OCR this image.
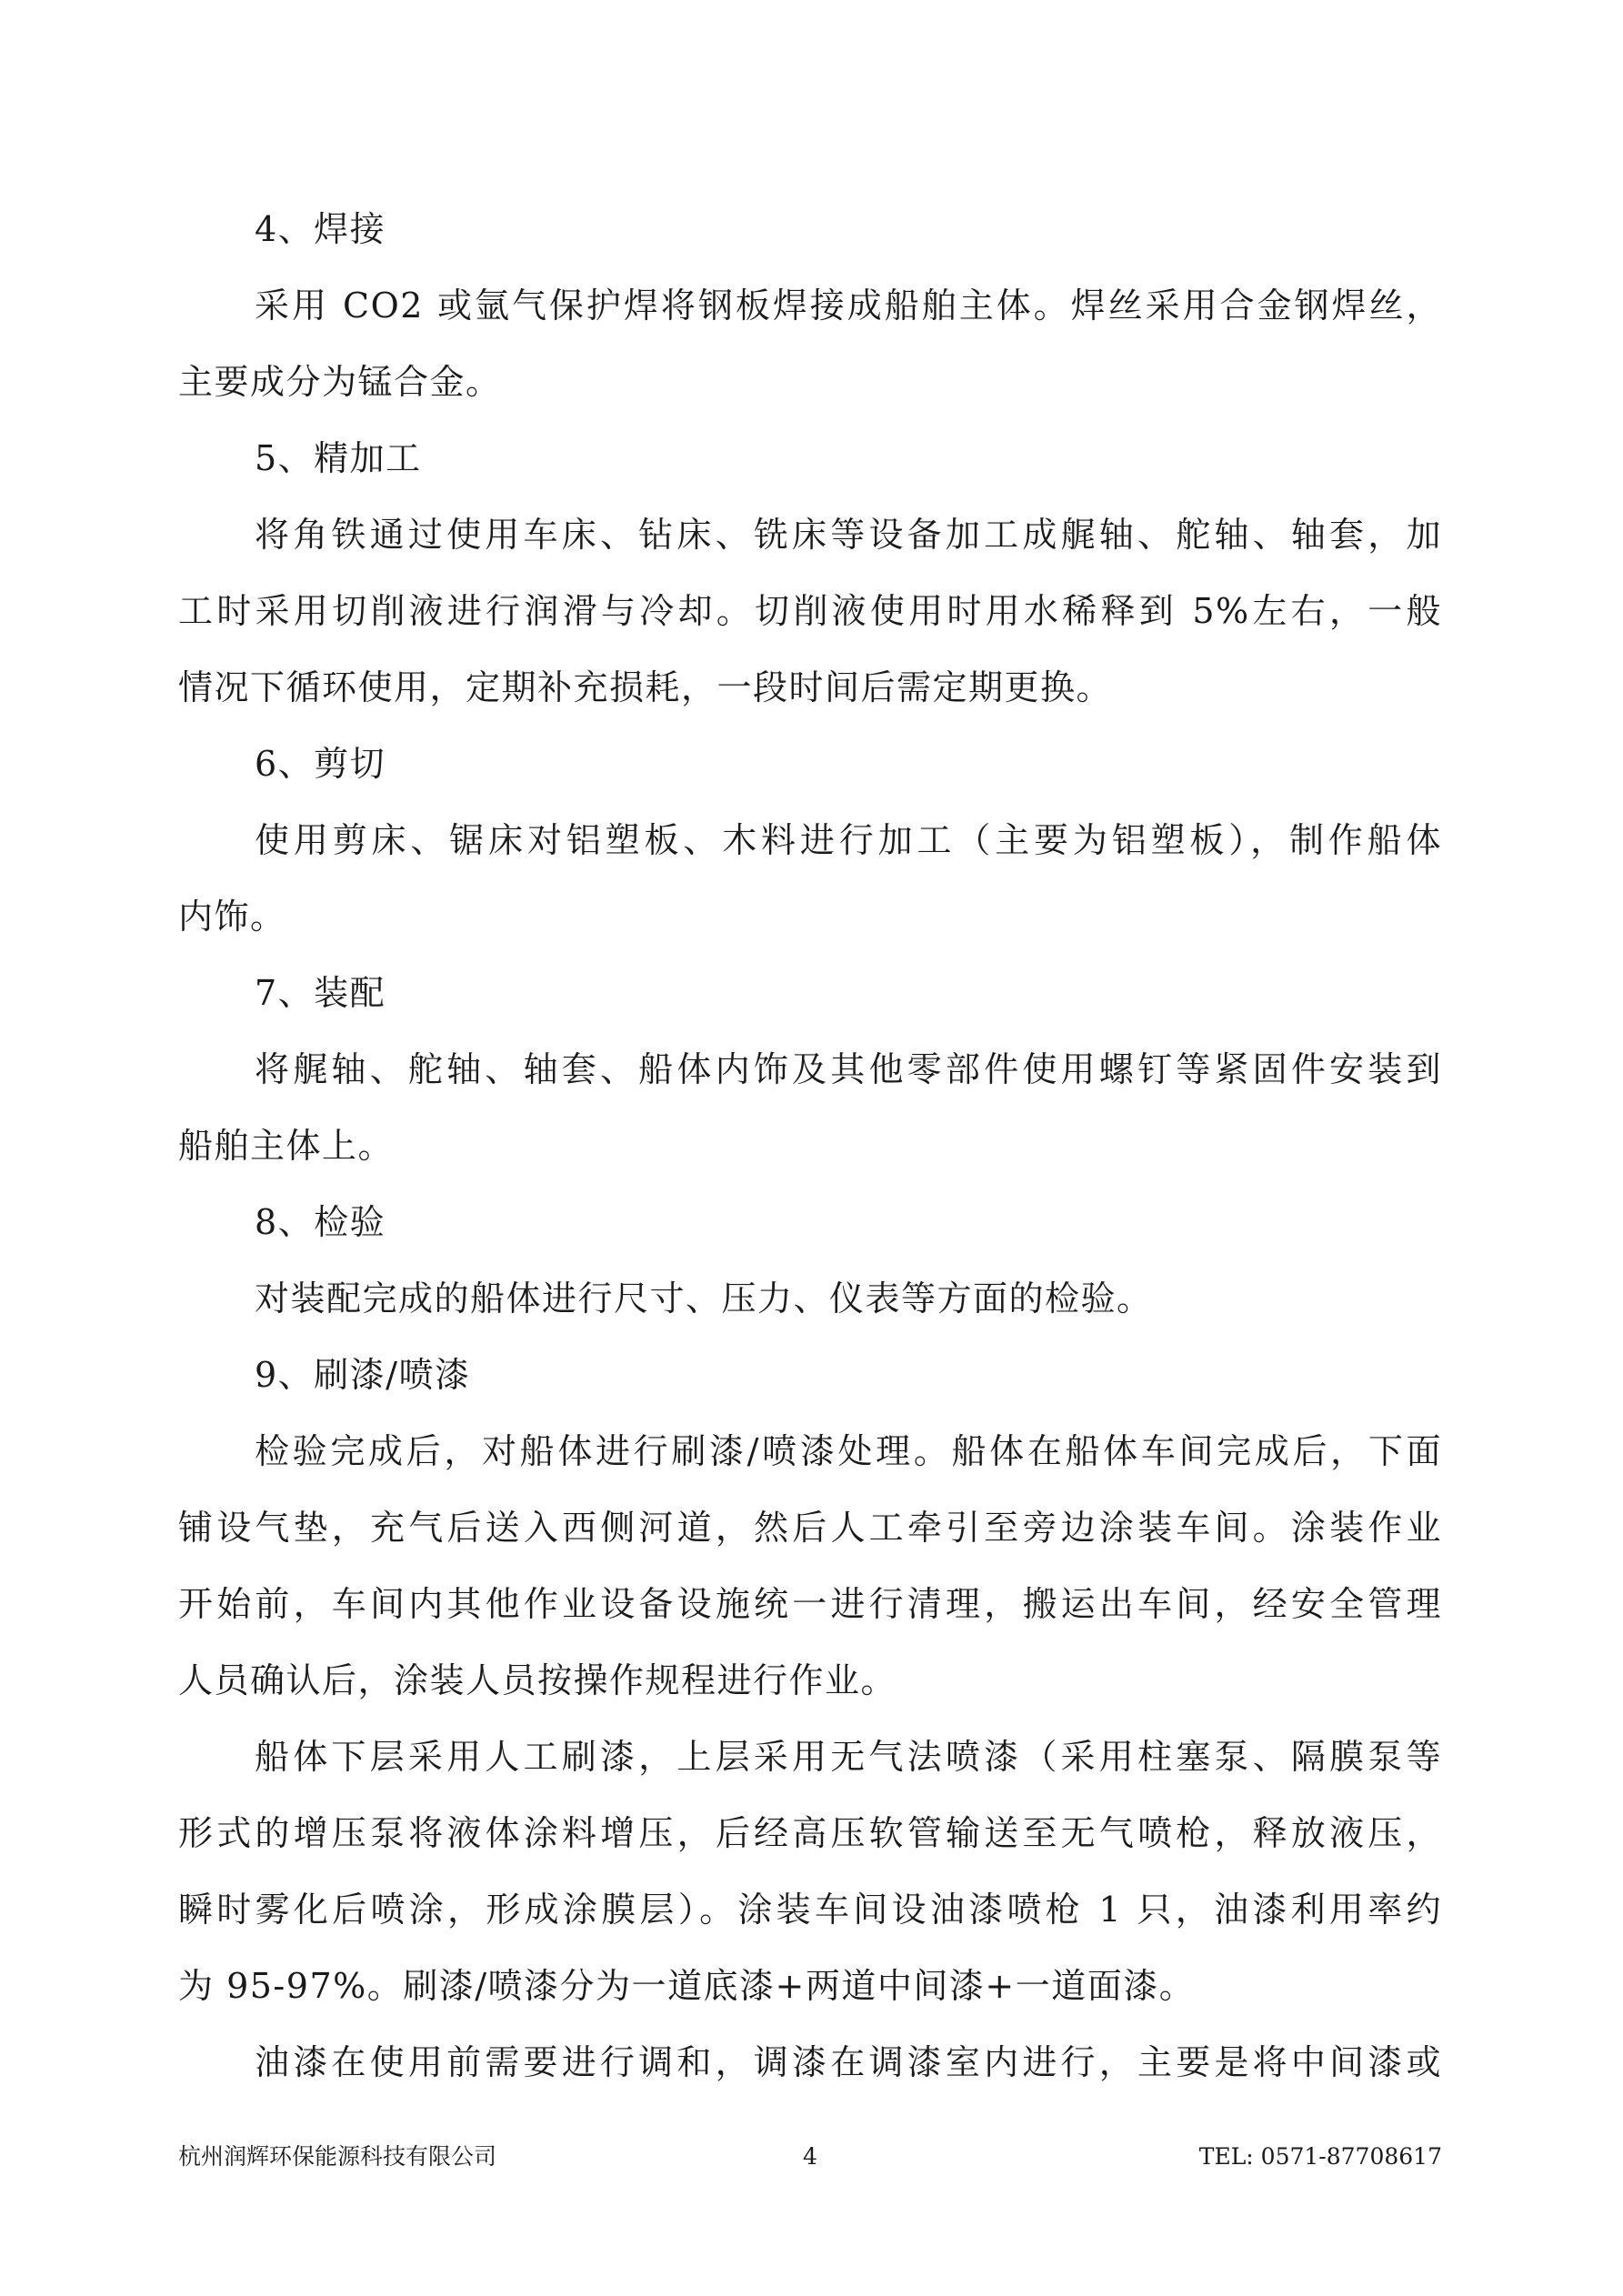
4、焊接
采用 CO2 或氩气保护焊将钢板焊接成船舶主体。焊丝采用合金钢焊丝，
主要成分为锰合金。
5、精加工
将角铁通过使用车床、钻床、铣床等设备加工成艉轴、舵轴、轴套，加
工时采用切削液进行润滑与冷却。切削液使用时用水稀释到 5%左右，一般
情况下循环使用，定期补充损耗，一段时间后需定期更换。
6、剪切
使用剪床、锯床对铝塑板、木料进行加工（主要为铝塑板），制作船体
内饰。
7、装配
将艉轴、舵轴、轴套、船体内饰及其他零部件使用螺钉等紧固件安装到
船舶主体上。
8、检验
对装配完成的船体进行尺寸、压力、仪表等方面的检验。
9、刷漆/喷漆
检验完成后，对船体进行刷漆/喷漆处理。船体在船体车间完成后，下面
铺设气垫，充气后送入西侧河道，然后人工牵引至旁边涂装车间。涂装作业
开始前，车间内其他作业设备设施统一进行清理，搬运出车间，经安全管理
人员确认后，涂装人员按操作规程进行作业。
船体下层采用人工刷漆，上层采用无气法喷漆（采用柱塞泵、隔膜泵等
形式的增压泵将液体涂料增压，后经高压软管输送至无气喷枪，释放液压，
瞬时雾化后喷涂，形成涂膜层）。涂装车间设油漆喷枪 1 只，油漆利用率约
为 95-97%。刷漆/喷漆分为一道底漆+两道中间漆+一道面漆。
油漆在使用前需要进行调和，调漆在调漆室内进行，主要是将中间漆或
杭州润辉环保能源科技有限公司	4	TEL: 0571-87708617
